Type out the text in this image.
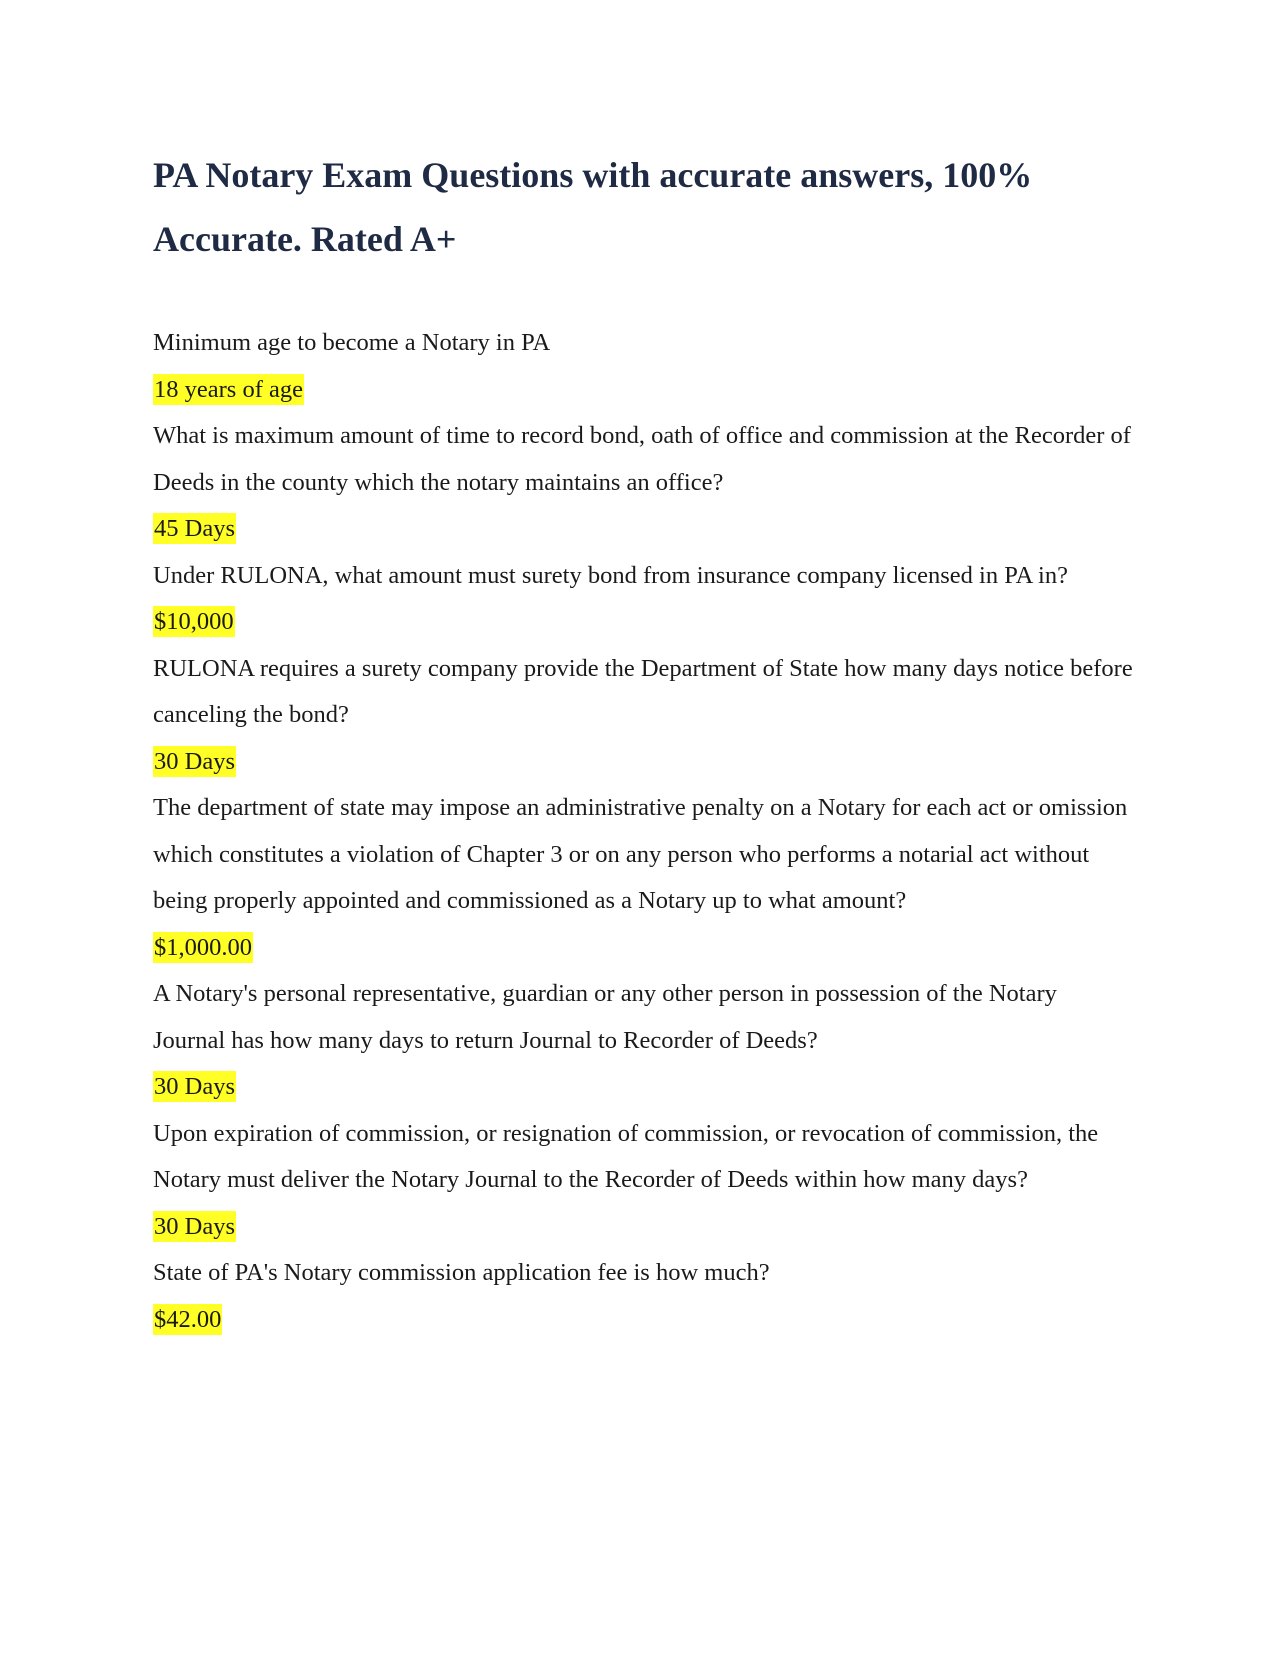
PA Notary Exam Questions with accurate answers, 100% Accurate. Rated A+

Minimum age to become a Notary in PA

18 years of age

What is maximum amount of time to record bond, oath of office and commission at the Recorder of Deeds in the county which the notary maintains an office?

45 Days

Under RULONA, what amount must surety bond from insurance company licensed in PA in?

$10,000

RULONA requires a surety company provide the Department of State how many days notice before canceling the bond?

30 Days

The department of state may impose an administrative penalty on a Notary for each act or omission which constitutes a violation of Chapter 3 or on any person who performs a notarial act without being properly appointed and commissioned as a Notary up to what amount?

$1,000.00

A Notary's personal representative, guardian or any other person in possession of the Notary Journal has how many days to return Journal to Recorder of Deeds?

30 Days

Upon expiration of commission, or resignation of commission, or revocation of commission, the Notary must deliver the Notary Journal to the Recorder of Deeds within how many days?

30 Days

State of PA's Notary commission application fee is how much?

$42.00
